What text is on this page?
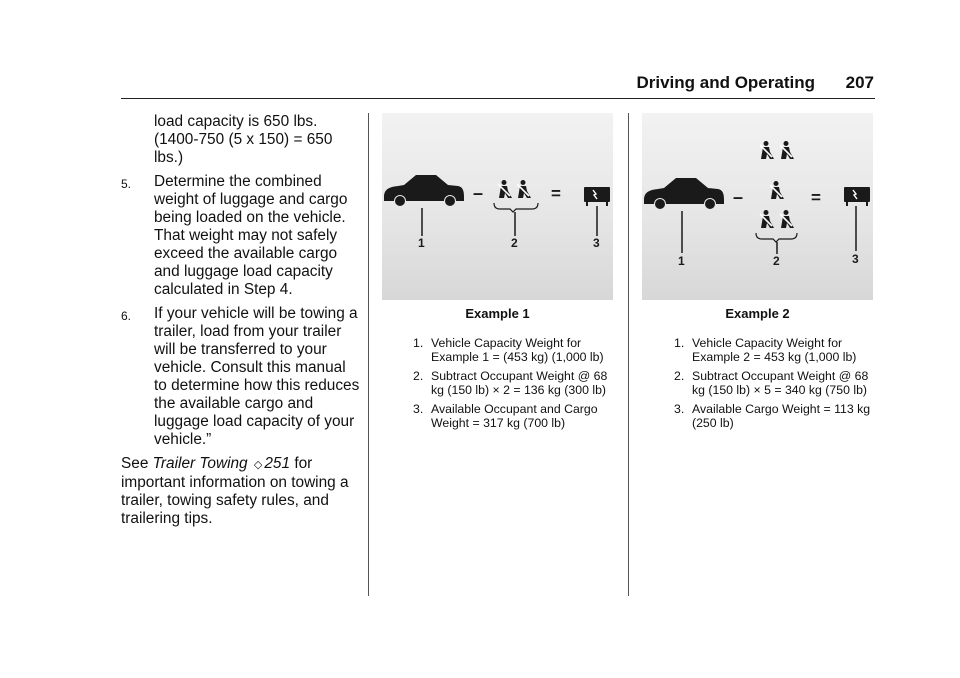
Driving and Operating 207

load capacity is 650 lbs. (1400-750 (5 x 150) = 650 lbs.)

5.	Determine the combined weight of luggage and cargo being loaded on the vehicle. That weight may not safely exceed the available cargo and luggage load capacity calculated in Step 4.
6.	If your vehicle will be towing a trailer, load from your trailer will be transferred to your vehicle. Consult this manual to determine how this reduces the available cargo and luggage load capacity of your vehicle.”

See Trailer Towing ◇ 251 for important information on towing a trailer, towing safety rules, and trailering tips.

–	=
1	2	3
Example 1
1. Vehicle Capacity Weight for Example 1 = (453 kg) (1,000 lb)
2. Subtract Occupant Weight @ 68 kg (150 lb) × 2 = 136 kg (300 lb)
3. Available Occupant and Cargo Weight = 317 kg (700 lb)
–	=
1	2	3
Example 2
1. Vehicle Capacity Weight for Example 2 = 453 kg (1,000 lb)
2. Subtract Occupant Weight @ 68 kg (150 lb) × 5 = 340 kg (750 lb)
3. Available Cargo Weight = 113 kg (250 lb)
